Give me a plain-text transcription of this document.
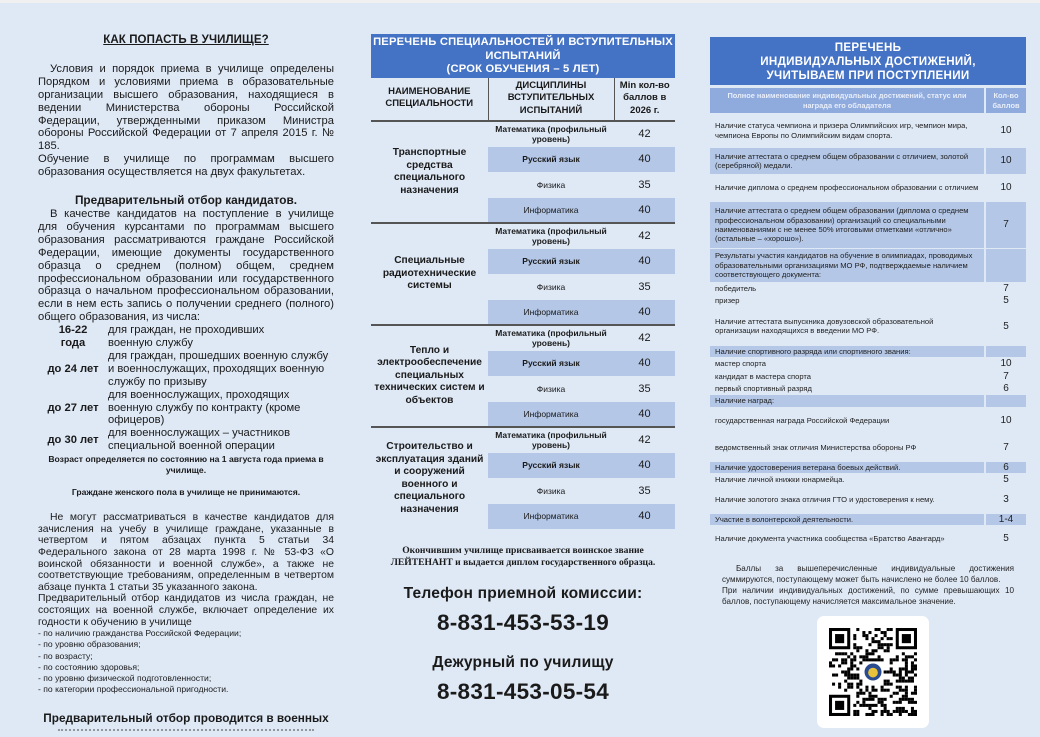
КАК ПОПАСТЬ В УЧИЛИЩЕ?

Условия и порядок приема в училище определены Порядком и условиями приема в образовательные организации высшего образования, находящиеся в ведении Министерства обороны Российской Федерации, утвержденными приказом Министра обороны Российской Федерации от 7 апреля 2015 г. № 185.

Обучение в училище по программам высшего образования осуществляется на двух факультетах.

Предварительный отбор кандидатов.

В качестве кандидатов на поступление в училище для обучения курсантами по программам высшего образования рассматриваются граждане Российской Федерации, имеющие документы государственного образца о среднем (полном) общем, среднем профессиональном образовании или государственного образца о начальном профессиональном образовании, если в нем есть запись о получении среднего (полного) общего образования, из числа:

16-22
года
для граждан, не проходивших военную службу
до 24 лет
для граждан, прошедших военную службу и военнослужащих, проходящих военную службу по призыву
до 27 лет
для военнослужащих, проходящих военную службу по контракту (кроме офицеров)
до 30 лет
для военнослужащих – участников специальной военной операции

Возраст определяется по состоянию на 1 августа года приема в училище.

Граждане женского пола в училище не принимаются.

Не могут рассматриваться в качестве кандидатов для зачисления на учебу в училище граждане, указанные в четвертом и пятом абзацах пункта 5 статьи 34 Федерального закона от 28 марта 1998 г. № 53-ФЗ «О воинской обязанности и военной службе», а также не соответствующие требованиям, определенным в четвертом абзаце пункта 1 статьи 35 указанного закона.

Предварительный отбор кандидатов из числа граждан, не состоящих на военной службе, включает определение их годности к обучению в училище

- по наличию гражданства Российской Федерации;
- по уровню образования;
- по возрасту;
- по состоянию здоровья;
- по уровню физической подготовленности;
- по категории профессиональной пригодности.
Предварительный отбор проводится в военных
ПЕРЕЧЕНЬ СПЕЦИАЛЬНОСТЕЙ И ВСТУПИТЕЛЬНЫХ
ИСПЫТАНИЙ
(СРОК ОБУЧЕНИЯ – 5 ЛЕТ)
НАИМЕНОВАНИЕ СПЕЦИАЛЬНОСТИ	ДИСЦИПЛИНЫ ВСТУПИТЕЛЬНЫХ ИСПЫТАНИЙ	Min кол-во баллов в 2026 г.
Транспортные средства специального назначения	Математика (профильный уровень)	42
	Русский язык	40
	Физика	35
	Информатика	40
Специальные радиотехнические системы	Математика (профильный уровень)	42
	Русский язык	40
	Физика	35
	Информатика	40
Тепло и электрообеспечение специальных технических систем и объектов	Математика (профильный уровень)	42
	Русский язык	40
	Физика	35
	Информатика	40
Строительство и эксплуатация зданий и сооружений военного и специального назначения	Математика (профильный уровень)	42
	Русский язык	40
	Физика	35
	Информатика	40
Окончившим училище присваивается воинское звание
ЛЕЙТЕНАНТ и выдается диплом государственного образца.
Телефон приемной комиссии:
8-831-453-53-19
Дежурный по училищу
8-831-453-05-54
ПЕРЕЧЕНЬ
ИНДИВИДУАЛЬНЫХ ДОСТИЖЕНИЙ,
УЧИТЫВАЕМ ПРИ ПОСТУПЛЕНИИ
Полное наименование индивидуальных достижений, статус или награда его обладателя	Кол-во баллов
Наличие статуса чемпиона и призера Олимпийских игр, чемпион мира, чемпиона Европы по Олимпийским видам спорта.	10
Наличие аттестата о среднем общем образовании с отличием, золотой (серебряной) медали.	10
Наличие диплома о среднем профессиональном образовании с отличием	10
Наличие аттестата о среднем общем образовании (диплома о среднем профессиональном образовании) организаций со специальными наименованиями с не менее 50% итоговыми отметками «отлично» (остальные – «хорошо»).	7
Результаты участия кандидатов на обучение в олимпиадах, проводимых образовательными организациями МО РФ, подтверждаемые наличием соответствующего документа:	
победитель	7
призер	5
Наличие аттестата выпускника довузовской образовательной организации находящихся в введении МО РФ.	5
Наличие спортивного разряда или спортивного звания:	
мастер спорта	10
кандидат в мастера спорта	7
первый спортивный разряд	6
Наличие наград:	
государственная награда Российской Федерации	10
ведомственный знак отличия Министерства обороны РФ	7
Наличие удостоверения ветерана боевых действий.	6
Наличие личной книжки юнармейца.	5
Наличие золотого знака отличия ГТО и удостоверения к нему.	3
Участие в волонтерской деятельности.	1-4
Наличие документа участника сообщества «Братство Авангард»	5

Баллы за вышеперечисленные индивидуальные достижения суммируются, поступающему может быть начислено не более 10 баллов.
При наличии индивидуальных достижений, по сумме превышающих 10 баллов, поступающему начисляется максимальное значение.
